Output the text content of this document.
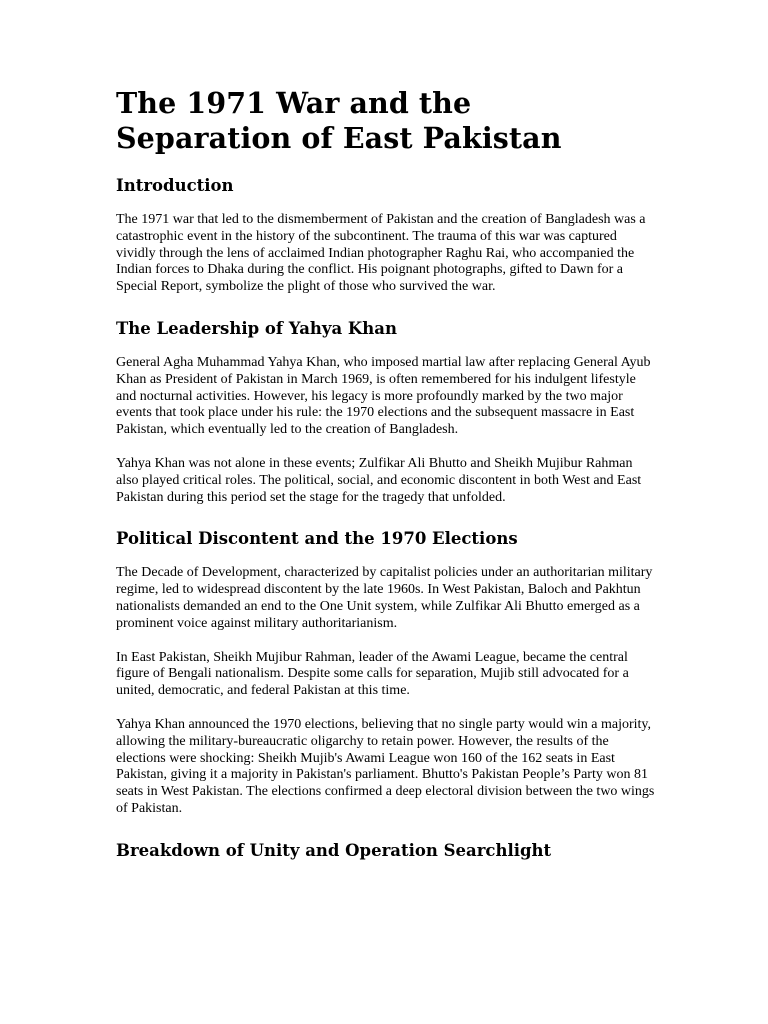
The 1971 War and the Separation of East Pakistan
Introduction

The 1971 war that led to the dismemberment of Pakistan and the creation of Bangladesh was a catastrophic event in the history of the subcontinent. The trauma of this war was captured vividly through the lens of acclaimed Indian photographer Raghu Rai, who accompanied the Indian forces to Dhaka during the conflict. His poignant photographs, gifted to Dawn for a Special Report, symbolize the plight of those who survived the war.

The Leadership of Yahya Khan

General Agha Muhammad Yahya Khan, who imposed martial law after replacing General Ayub Khan as President of Pakistan in March 1969, is often remembered for his indulgent lifestyle and nocturnal activities. However, his legacy is more profoundly marked by the two major events that took place under his rule: the 1970 elections and the subsequent massacre in East Pakistan, which eventually led to the creation of Bangladesh.

Yahya Khan was not alone in these events; Zulfikar Ali Bhutto and Sheikh Mujibur Rahman also played critical roles. The political, social, and economic discontent in both West and East Pakistan during this period set the stage for the tragedy that unfolded.

Political Discontent and the 1970 Elections

The Decade of Development, characterized by capitalist policies under an authoritarian military regime, led to widespread discontent by the late 1960s. In West Pakistan, Baloch and Pakhtun nationalists demanded an end to the One Unit system, while Zulfikar Ali Bhutto emerged as a prominent voice against military authoritarianism.

In East Pakistan, Sheikh Mujibur Rahman, leader of the Awami League, became the central figure of Bengali nationalism. Despite some calls for separation, Mujib still advocated for a united, democratic, and federal Pakistan at this time.

Yahya Khan announced the 1970 elections, believing that no single party would win a majority, allowing the military-bureaucratic oligarchy to retain power. However, the results of the elections were shocking: Sheikh Mujib's Awami League won 160 of the 162 seats in East Pakistan, giving it a majority in Pakistan's parliament. Bhutto's Pakistan People’s Party won 81 seats in West Pakistan. The elections confirmed a deep electoral division between the two wings of Pakistan.

Breakdown of Unity and Operation Searchlight
